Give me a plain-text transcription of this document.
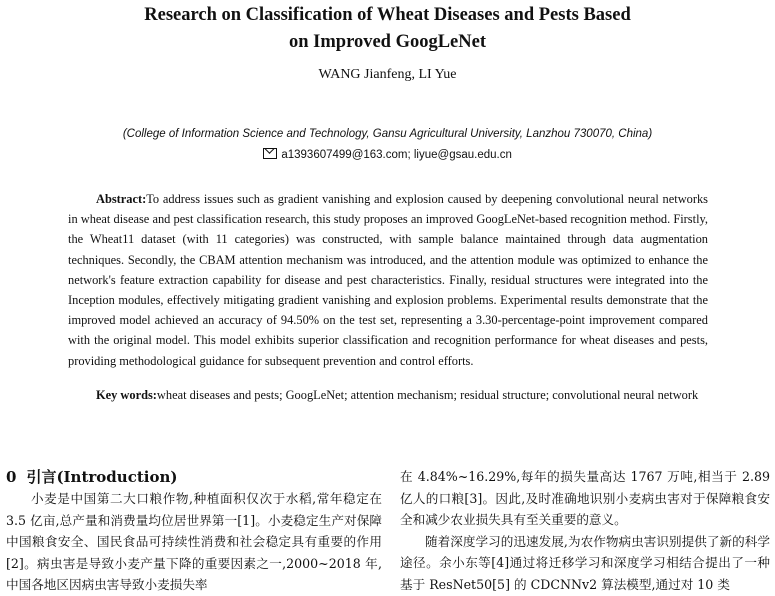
Research on Classification of Wheat Diseases and Pests Based
on Improved GoogLeNet
WANG Jianfeng, LI Yue
(College of Information Science and Technology, Gansu Agricultural University, Lanzhou 730070, China)
a1393607499@163.com; liyue@gsau.edu.cn
Abstract:To address issues such as gradient vanishing and explosion caused by deepening convolutional neural networks in wheat disease and pest classification research, this study proposes an improved GoogLeNet-based recognition method. Firstly, the Wheat11 dataset (with 11 categories) was constructed, with sample balance maintained through data augmentation techniques. Secondly, the CBAM attention mechanism was introduced, and the attention module was optimized to enhance the network's feature extraction capability for disease and pest characteristics. Finally, residual structures were integrated into the Inception modules, effectively mitigating gradient vanishing and explosion problems. Experimental results demonstrate that the improved model achieved an accuracy of 94.50% on the test set, representing a 3.30-percentage-point improvement compared with the original model. This model exhibits superior classification and recognition performance for wheat diseases and pests, providing methodological guidance for subsequent prevention and control efforts.
Key words:wheat diseases and pests; GoogLeNet; attention mechanism; residual structure; convolutional neural network
0 引言(Introduction)

小麦是中国第二大口粮作物,种植面积仅次于水稻,常年稳定在 3.5 亿亩,总产量和消费量均位居世界第一[1]。小麦稳定生产对保障中国粮食安全、国民食品可持续性消费和社会稳定具有重要的作用[2]。病虫害是导致小麦产量下降的重要因素之一,2000~2018 年,中国各地区因病虫害导致小麦损失率

在 4.84%~16.29%,每年的损失量高达 1767 万吨,相当于 2.89 亿人的口粮[3]。因此,及时准确地识别小麦病虫害对于保障粮食安全和减少农业损失具有至关重要的意义。

随着深度学习的迅速发展,为农作物病虫害识别提供了新的科学途径。余小东等[4]通过将迁移学习和深度学习相结合提出了一种基于 ResNet50[5] 的 CDCNNv2 算法模型,通过对 10 类
